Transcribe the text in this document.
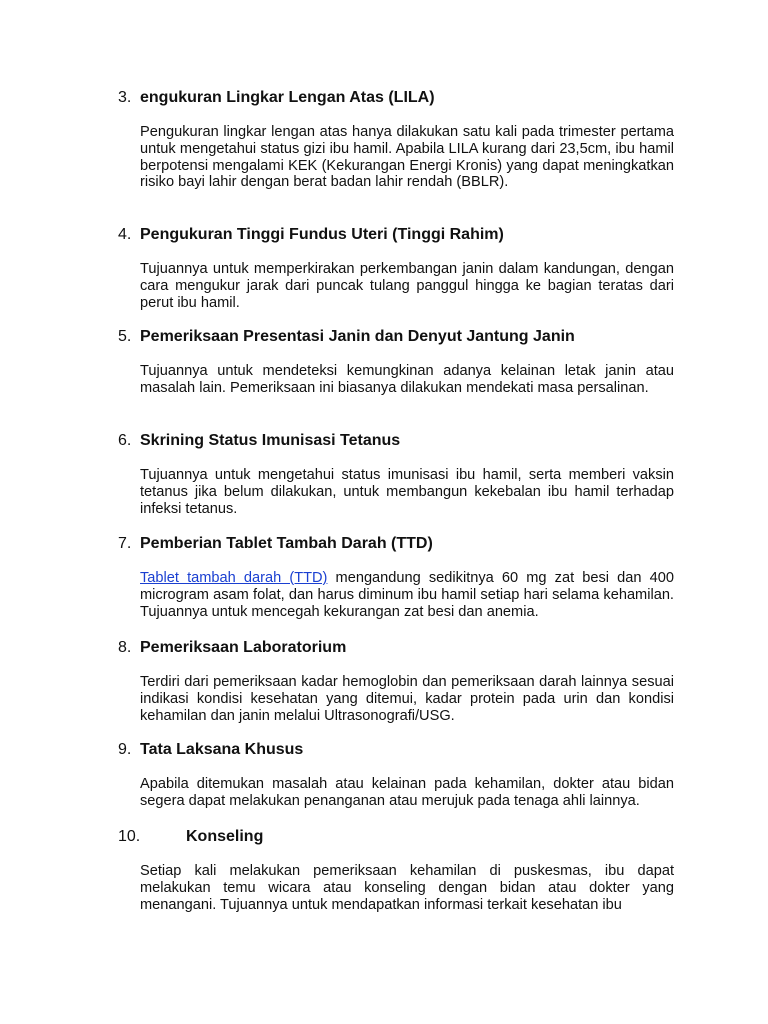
3. engukuran Lingkar Lengan Atas (LILA)
Pengukuran lingkar lengan atas hanya dilakukan satu kali pada trimester pertama untuk mengetahui status gizi ibu hamil. Apabila LILA kurang dari 23,5cm, ibu hamil berpotensi mengalami KEK (Kekurangan Energi Kronis) yang dapat meningkatkan risiko bayi lahir dengan berat badan lahir rendah (BBLR).
4. Pengukuran Tinggi Fundus Uteri (Tinggi Rahim)
Tujuannya untuk memperkirakan perkembangan janin dalam kandungan, dengan cara mengukur jarak dari puncak tulang panggul hingga ke bagian teratas dari perut ibu hamil.
5. Pemeriksaan Presentasi Janin dan Denyut Jantung Janin
Tujuannya untuk mendeteksi kemungkinan adanya kelainan letak janin atau masalah lain. Pemeriksaan ini biasanya dilakukan mendekati masa persalinan.
6. Skrining Status Imunisasi Tetanus
Tujuannya untuk mengetahui status imunisasi ibu hamil, serta memberi vaksin tetanus jika belum dilakukan, untuk membangun kekebalan ibu hamil terhadap infeksi tetanus.
7. Pemberian Tablet Tambah Darah (TTD)
Tablet tambah darah (TTD) mengandung sedikitnya 60 mg zat besi dan 400 microgram asam folat, dan harus diminum ibu hamil setiap hari selama kehamilan. Tujuannya untuk mencegah kekurangan zat besi dan anemia.
8. Pemeriksaan Laboratorium
Terdiri dari pemeriksaan kadar hemoglobin dan pemeriksaan darah lainnya sesuai indikasi kondisi kesehatan yang ditemui, kadar protein pada urin dan kondisi kehamilan dan janin melalui Ultrasonografi/USG.
9. Tata Laksana Khusus
Apabila ditemukan masalah atau kelainan pada kehamilan, dokter atau bidan segera dapat melakukan penanganan atau merujuk pada tenaga ahli lainnya.
10.	Konseling
Setiap kali melakukan pemeriksaan kehamilan di puskesmas, ibu dapat melakukan temu wicara atau konseling dengan bidan atau dokter yang menangani. Tujuannya untuk mendapatkan informasi terkait kesehatan ibu
